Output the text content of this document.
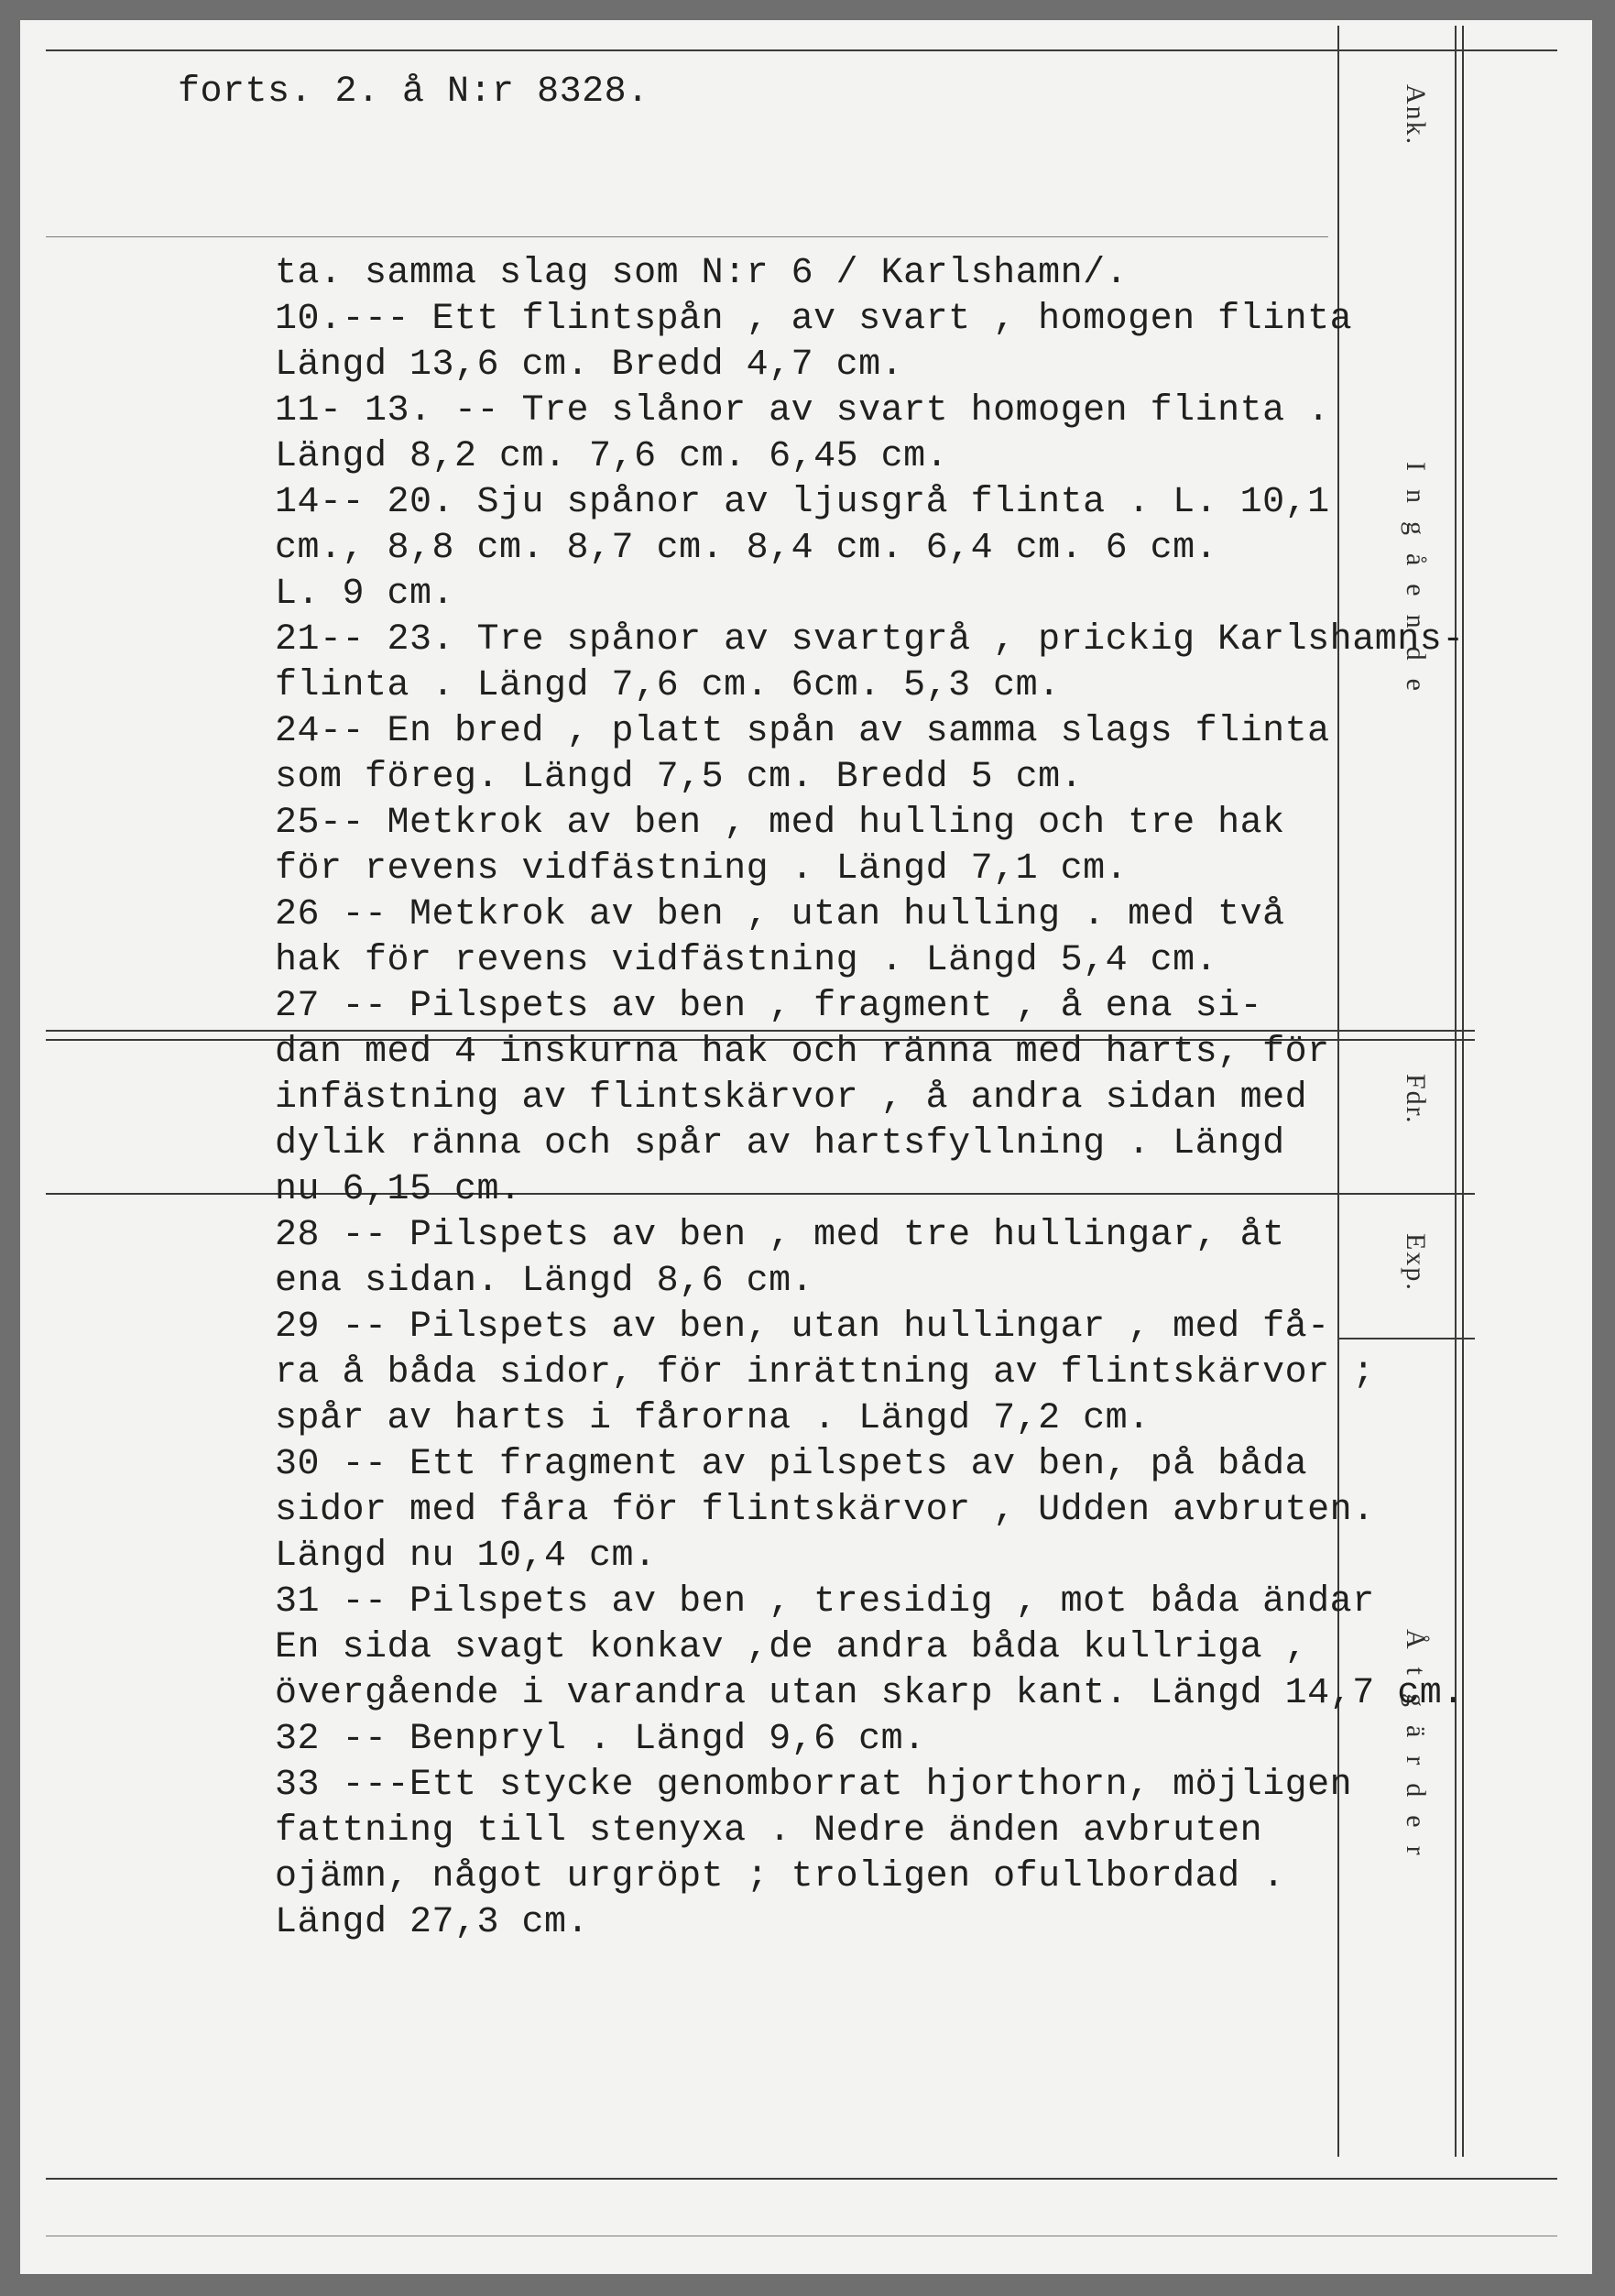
forts. 2. å N:r 8328.	Ank.
Ingående
Fdr.
Exp.
Åtgärder
ta. samma slag som N:r 6 / Karlshamn/.
10.--- Ett flintspån , av svart , homogen flinta
Längd 13,6 cm. Bredd 4,7 cm.
11- 13. -- Tre slånor av svart homogen flinta .
Längd 8,2 cm. 7,6 cm. 6,45 cm.
14-- 20. Sju spånor av ljusgrå flinta . L. 10,1
cm., 8,8 cm. 8,7 cm. 8,4 cm. 6,4 cm. 6 cm.
L. 9 cm.
21-- 23. Tre spånor av svartgrå , prickig Karlshamns-
flinta . Längd 7,6 cm. 6cm. 5,3 cm.
24-- En bred , platt spån av samma slags flinta
som föreg. Längd 7,5 cm. Bredd 5 cm.
25-- Metkrok av ben , med hulling och tre hak
för revens vidfästning . Längd 7,1 cm.
26 -- Metkrok av ben , utan hulling . med två
hak för revens vidfästning . Längd 5,4 cm.
27 -- Pilspets av ben , fragment , å ena si-
dan med 4 inskurna hak och ränna med harts, för
infästning av flintskärvor , å andra sidan med
dylik ränna och spår av hartsfyllning . Längd
nu 6,15 cm.
28 -- Pilspets av ben , med tre hullingar, åt
ena sidan. Längd 8,6 cm.
29 -- Pilspets av ben, utan hullingar , med få-
ra å båda sidor, för inrättning av flintskärvor ;
spår av harts i fårorna . Längd 7,2 cm.
30 -- Ett fragment av pilspets av ben, på båda
sidor med fåra för flintskärvor , Udden avbruten.
Längd nu 10,4 cm.
31 -- Pilspets av ben , tresidig , mot båda ändar
En sida svagt konkav ,de andra båda kullriga ,
övergående i varandra utan skarp kant. Längd 14,7 cm.
32 -- Benpryl . Längd 9,6 cm.
33 ---Ett stycke genomborrat hjorthorn, möjligen
fattning till stenyxa . Nedre änden avbruten
ojämn, något urgröpt ; troligen ofullbordad .
Längd 27,3 cm.
